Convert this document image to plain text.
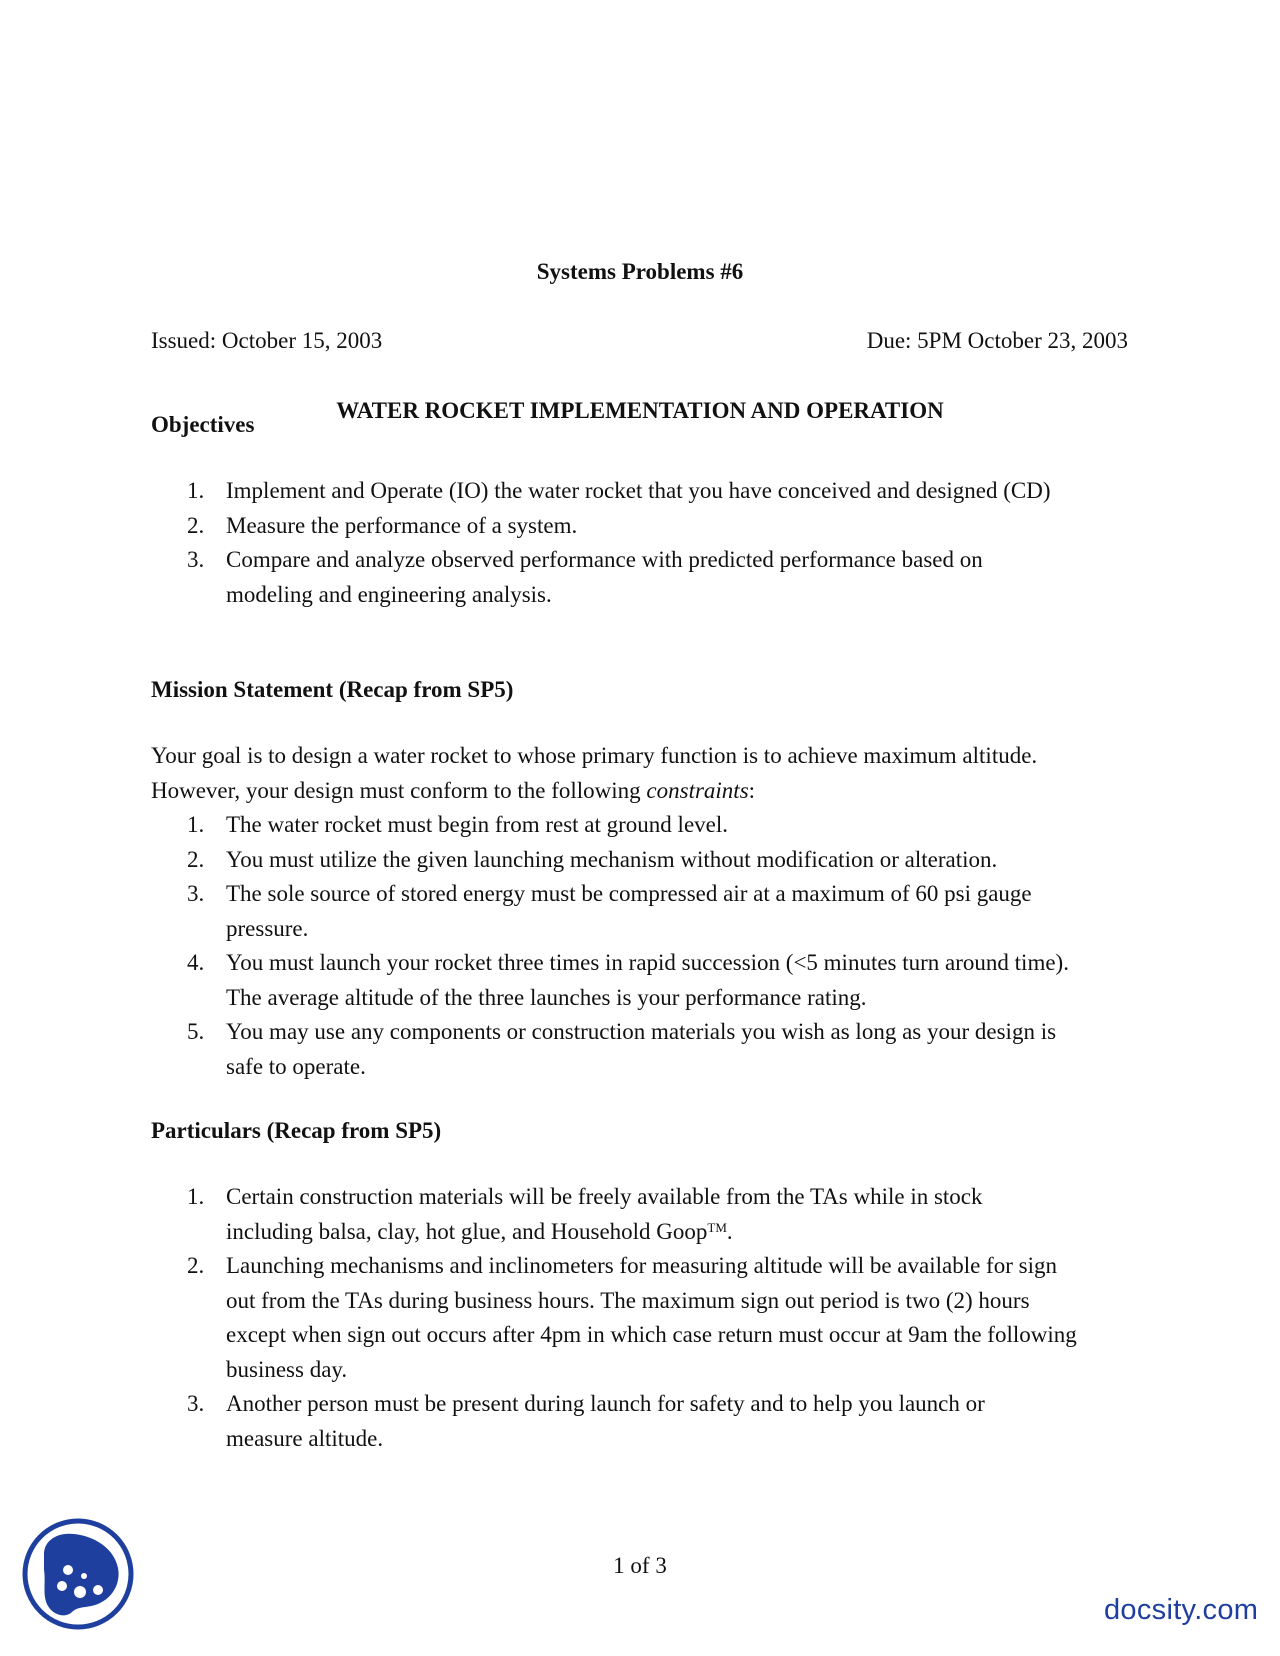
Systems Problems #6
Issued: October 15, 2003	Due: 5PM October 23, 2003
WATER ROCKET IMPLEMENTATION AND OPERATION
Objectives
1. Implement and Operate (IO) the water rocket that you have conceived and designed (CD)
2. Measure the performance of a system.
3. Compare and analyze observed performance with predicted performance based on modeling and engineering analysis.
Mission Statement (Recap from SP5)

Your goal is to design a water rocket to whose primary function is to achieve maximum altitude.
However, your design must conform to the following constraints:

1. The water rocket must begin from rest at ground level.
2. You must utilize the given launching mechanism without modification or alteration.
3. The sole source of stored energy must be compressed air at a maximum of 60 psi gauge pressure.
4. You must launch your rocket three times in rapid succession (<5 minutes turn around time). The average altitude of the three launches is your performance rating.
5. You may use any components or construction materials you wish as long as your design is safe to operate.
Particulars (Recap from SP5)
1. Certain construction materials will be freely available from the TAs while in stock including balsa, clay, hot glue, and Household Goop™.
2. Launching mechanisms and inclinometers for measuring altitude will be available for sign out from the TAs during business hours. The maximum sign out period is two (2) hours except when sign out occurs after 4pm in which case return must occur at 9am the following business day.
3. Another person must be present during launch for safety and to help you launch or measure altitude.
1 of 3
docsity.com
